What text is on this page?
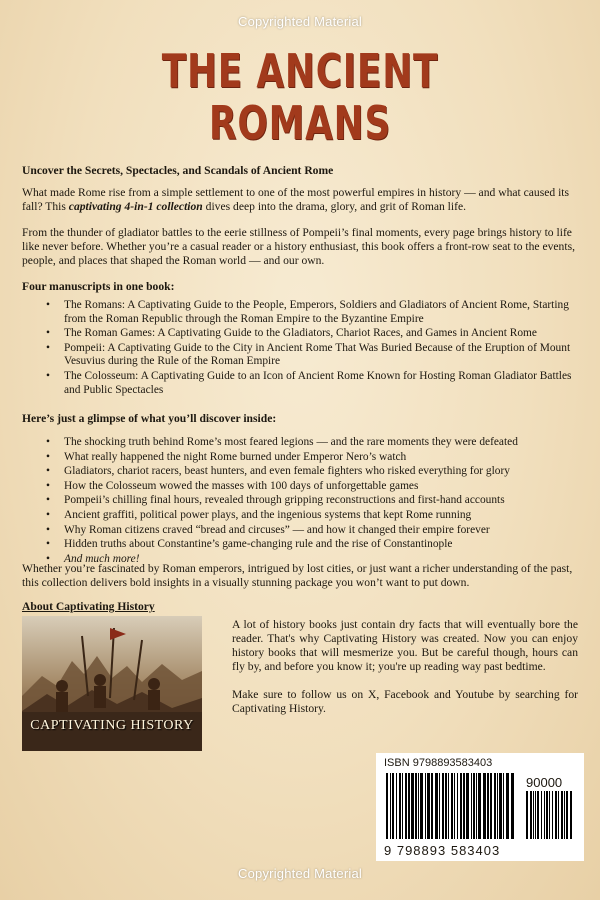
Copyrighted Material
THE ANCIENT
ROMANS
Uncover the Secrets, Spectacles, and Scandals of Ancient Rome

What made Rome rise from a simple settlement to one of the most powerful empires in history — and what caused its fall? This captivating 4-in-1 collection dives deep into the drama, glory, and grit of Roman life.

From the thunder of gladiator battles to the eerie stillness of Pompeii’s final moments, every page brings history to life like never before. Whether you’re a casual reader or a history enthusiast, this book offers a front-row seat to the events, people, and places that shaped the Roman world — and our own.
Four manuscripts in one book:
• The Romans: A Captivating Guide to the People, Emperors, Soldiers and Gladiators of Ancient Rome, Starting from the Roman Republic through the Roman Empire to the Byzantine Empire
• The Roman Games: A Captivating Guide to the Gladiators, Chariot Races, and Games in Ancient Rome
• Pompeii: A Captivating Guide to the City in Ancient Rome That Was Buried Because of the Eruption of Mount Vesuvius during the Rule of the Roman Empire
• The Colosseum: A Captivating Guide to an Icon of Ancient Rome Known for Hosting Roman Gladiator Battles and Public Spectacles
Here’s just a glimpse of what you’ll discover inside:
• The shocking truth behind Rome’s most feared legions — and the rare moments they were defeated
• What really happened the night Rome burned under Emperor Nero’s watch
• Gladiators, chariot racers, beast hunters, and even female fighters who risked everything for glory
• How the Colosseum wowed the masses with 100 days of unforgettable games
• Pompeii’s chilling final hours, revealed through gripping reconstructions and first-hand accounts
• Ancient graffiti, political power plays, and the ingenious systems that kept Rome running
• Why Roman citizens craved “bread and circuses” — and how it changed their empire forever
• Hidden truths about Constantine’s game-changing rule and the rise of Constantinople
• And much more!
Whether you’re fascinated by Roman emperors, intrigued by lost cities, or just want a richer understanding of the past, this collection delivers bold insights in a visually stunning package you won’t want to put down.
About Captivating History
CAPTIVATING HISTORY

A lot of history books just contain dry facts that will eventually bore the reader. That's why Captivating History was created. Now you can enjoy history books that will mesmerize you. But be careful though, hours can fly by, and before you know it; you're up reading way past bedtime.

Make sure to follow us on X, Facebook and Youtube by searching for Captivating History.

ISBN 9798893583403
90000
9 798893 583403
Copyrighted Material
